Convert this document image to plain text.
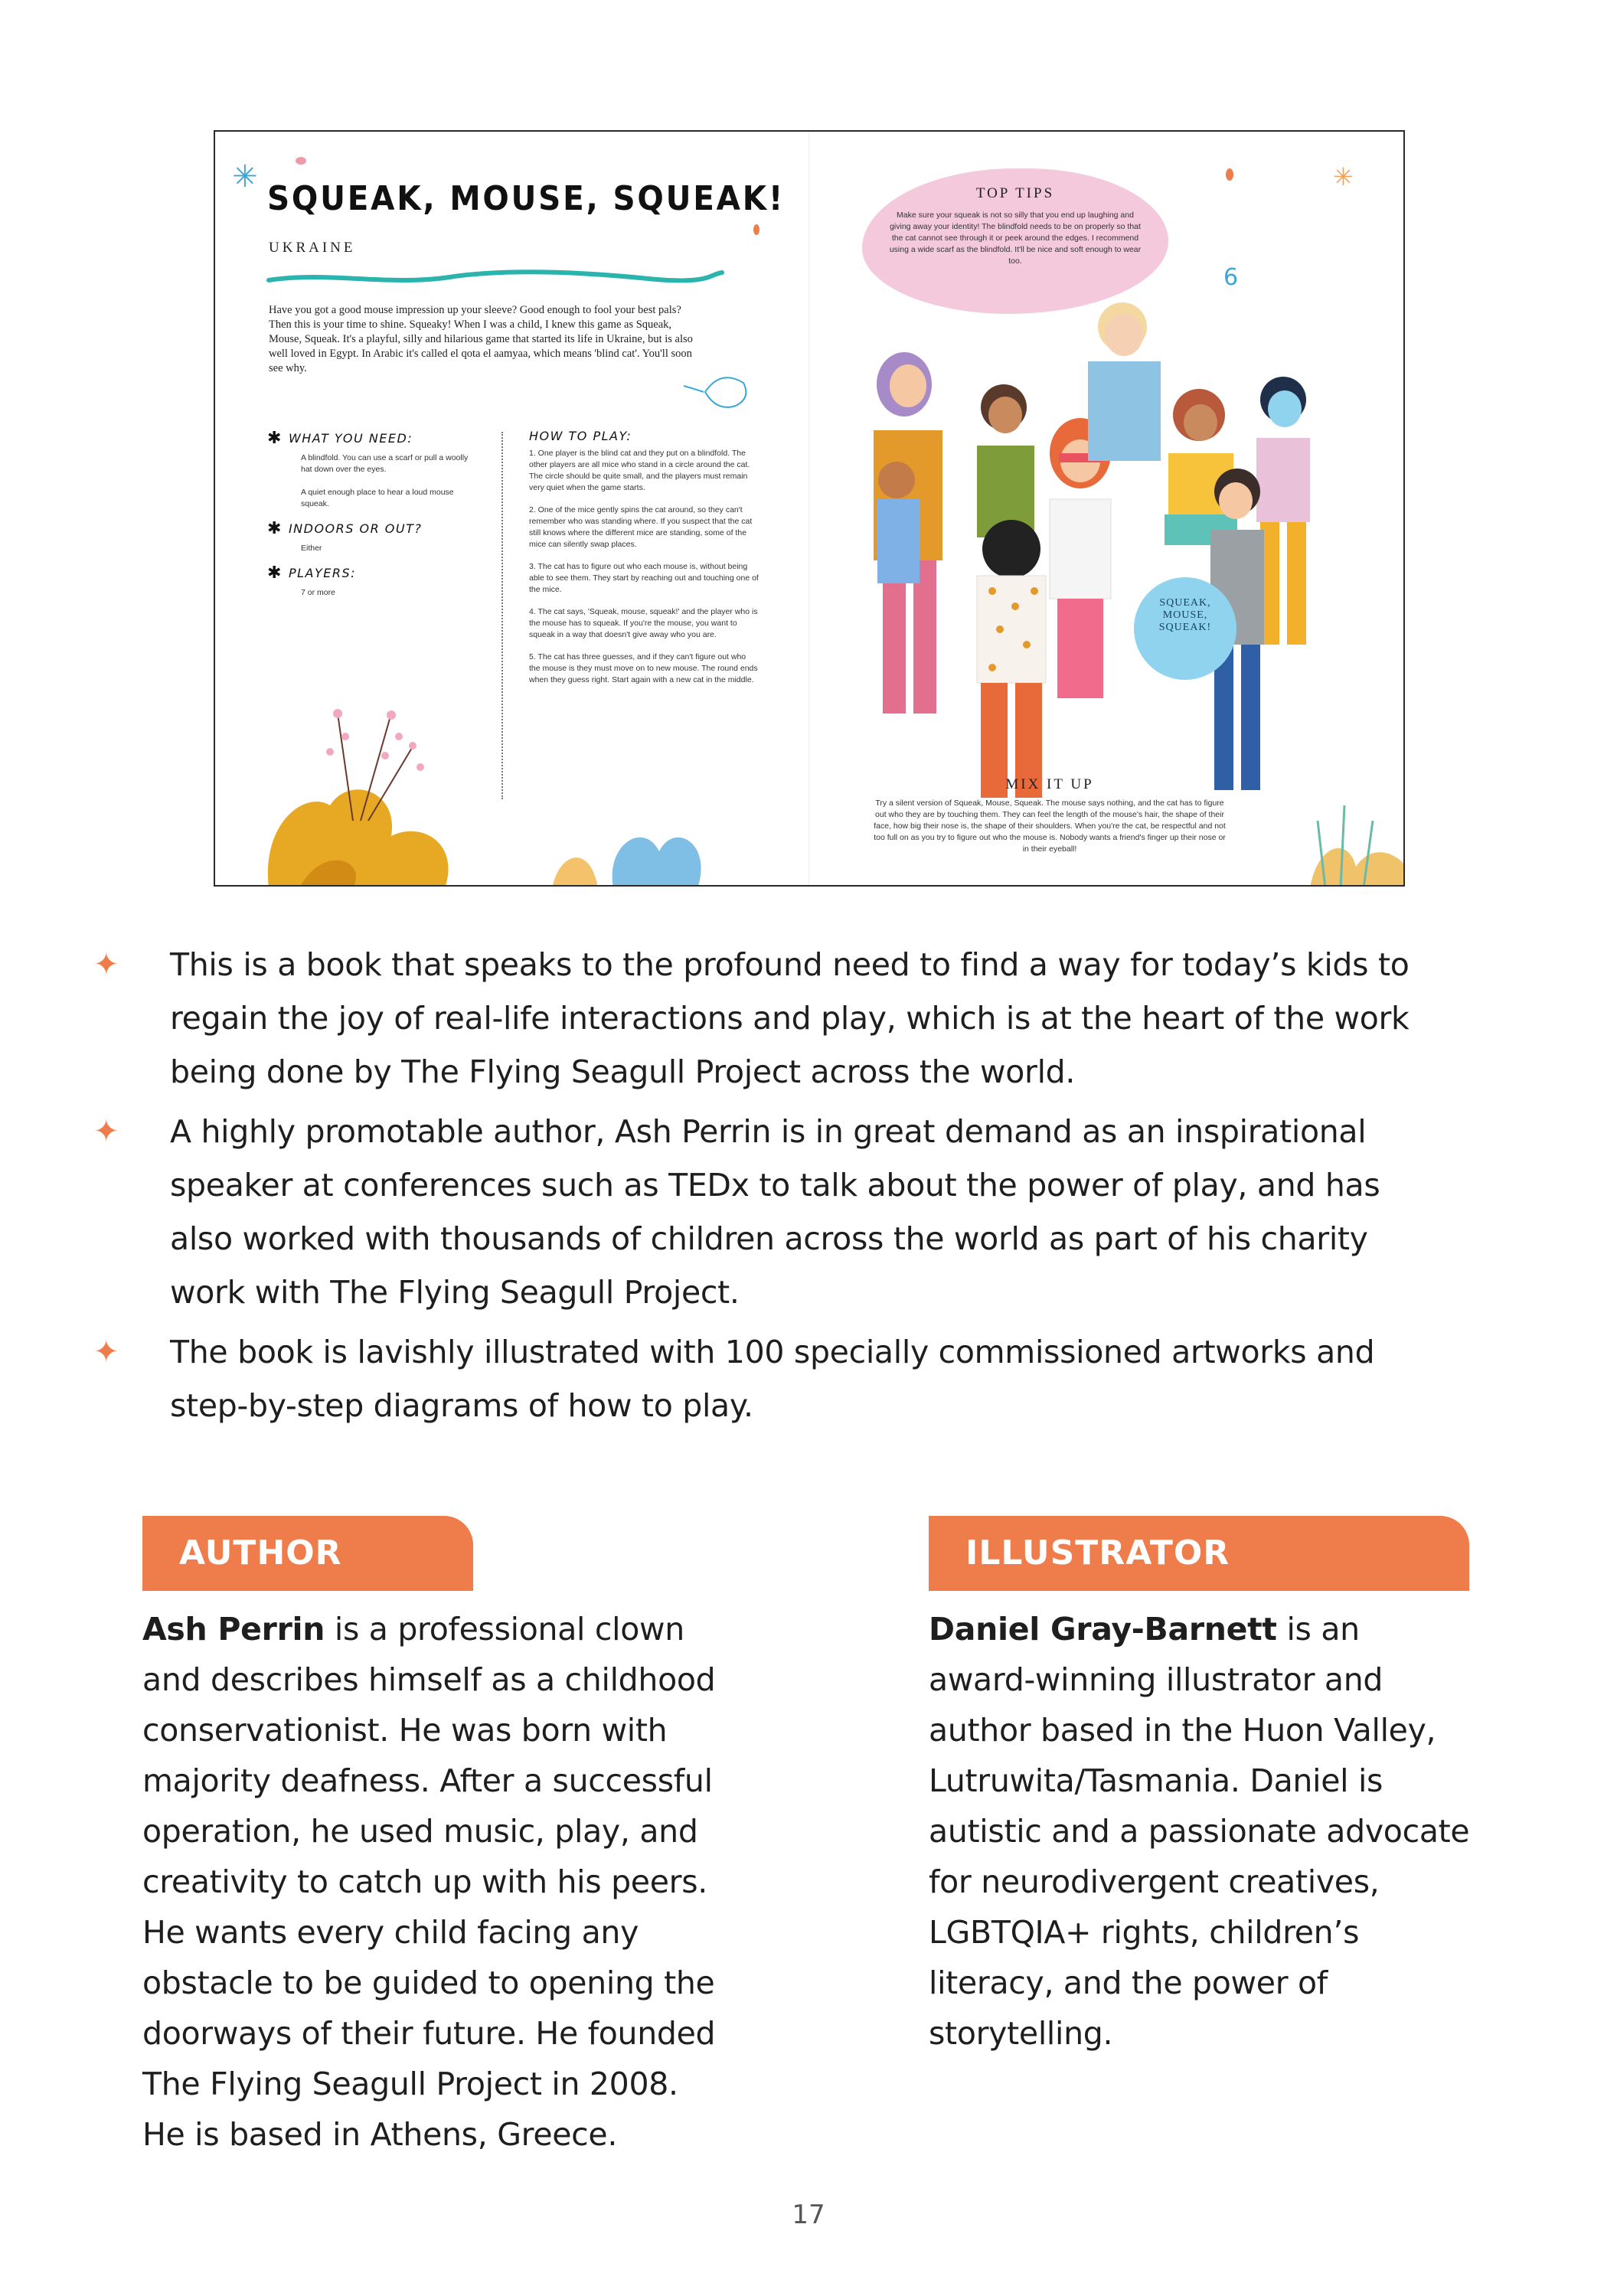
✳	✳
6
SQUEAK, MOUSE, SQUEAK!
UKRAINE
Have you got a good mouse impression up your sleeve? Good enough to fool your best pals? Then this is your time to shine. Squeaky! When I was a child, I knew this game as Squeak, Mouse, Squeak. It's a playful, silly and hilarious game that started its life in Ukraine, but is also well loved in Egypt. In Arabic it's called el qota el aamyaa, which means 'blind cat'. You'll soon see why.
✱ WHAT YOU NEED:
A blindfold. You can use a scarf or pull a woolly hat down over the eyes.

A quiet enough place to hear a loud mouse squeak.
✱ INDOORS OR OUT?
Either
✱ PLAYERS:
7 or more
HOW TO PLAY:
1. One player is the blind cat and they put on a blindfold. The other players are all mice who stand in a circle around the cat. The circle should be quite small, and the players must remain very quiet when the game starts.
2. One of the mice gently spins the cat around, so they can't remember who was standing where. If you suspect that the cat still knows where the different mice are standing, some of the mice can silently swap places.
3. The cat has to figure out who each mouse is, without being able to see them. They start by reaching out and touching one of the mice.
4. The cat says, 'Squeak, mouse, squeak!' and the player who is the mouse has to squeak. If you're the mouse, you want to squeak in a way that doesn't give away who you are.
5. The cat has three guesses, and if they can't figure out who the mouse is they must move on to new mouse. The round ends when they guess right. Start again with a new cat in the middle.
TOP TIPS
Make sure your squeak is not so silly that you end up laughing and giving away your identity! The blindfold needs to be on properly so that the cat cannot see through it or peek around the edges. I recommend using a wide scarf as the blindfold. It'll be nice and soft enough to wear too.
SQUEAK,
MOUSE,
SQUEAK!
MIX IT UP
Try a silent version of Squeak, Mouse, Squeak. The mouse says nothing, and the cat has to figure out who they are by touching them. They can feel the length of the mouse's hair, the shape of their face, how big their nose is, the shape of their shoulders. When you're the cat, be respectful and not too full on as you try to figure out who the mouse is. Nobody wants a friend's finger up their nose or in their eyeball!
✦	This is a book that speaks to the profound need to find a way for today’s kids to
regain the joy of real-life interactions and play, which is at the heart of the work
being done by The Flying Seagull Project across the world.
✦	A highly promotable author, Ash Perrin is in great demand as an inspirational
speaker at conferences such as TEDx to talk about the power of play, and has
also worked with thousands of children across the world as part of his charity
work with The Flying Seagull Project.
✦	The book is lavishly illustrated with 100 specially commissioned artworks and
step-by-step diagrams of how to play.
AUTHOR
Ash Perrin is a professional clown
and describes himself as a childhood
conservationist. He was born with
majority deafness. After a successful
operation, he used music, play, and
creativity to catch up with his peers.
He wants every child facing any
obstacle to be guided to opening the
doorways of their future. He founded
The Flying Seagull Project in 2008.
He is based in Athens, Greece.
ILLUSTRATOR
Daniel Gray-Barnett is an
award-winning illustrator and
author based in the Huon Valley,
Lutruwita/Tasmania. Daniel is
autistic and a passionate advocate
for neurodivergent creatives,
LGBTQIA+ rights, children’s
literacy, and the power of
storytelling.
17
